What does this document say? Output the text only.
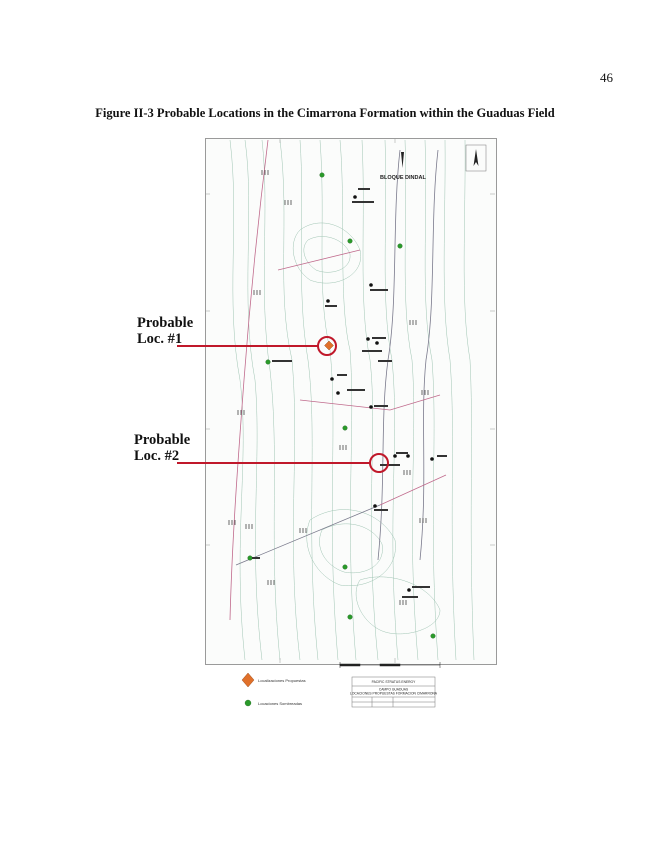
46
Figure II-3 Probable Locations in the Cimarrona Formation within the Guaduas Field
BLOQUE DINDAL
Localizaciones Propuestas
Locaciones Sombreadas
PACIFIC STRATUS ENERGY
CAMPO GUADUAS
LOCACIONES PROPUESTAS FORMACION CIMARRONA
Probable
Loc. #1
Probable
Loc. #2
